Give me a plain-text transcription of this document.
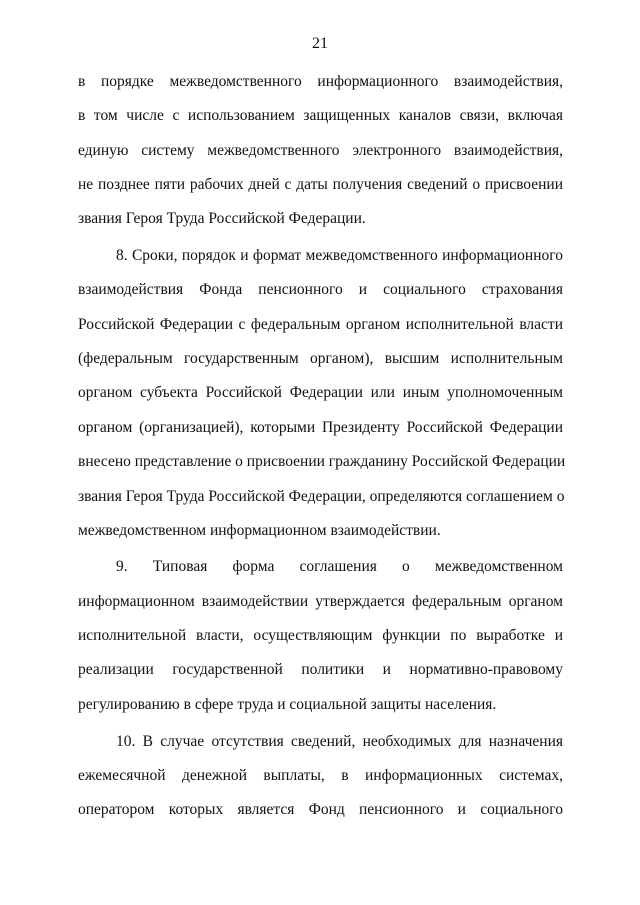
21
в порядке межведомственного информационного взаимодействия,
в том числе с использованием защищенных каналов связи, включая
единую систему межведомственного электронного взаимодействия,
не позднее пяти рабочих дней с даты получения сведений о присвоении
звания Героя Труда Российской Федерации.
8. Сроки, порядок и формат межведомственного информационного
взаимодействия Фонда пенсионного и социального страхования
Российской Федерации с федеральным органом исполнительной власти
(федеральным государственным органом), высшим исполнительным
органом субъекта Российской Федерации или иным уполномоченным
органом (организацией), которыми Президенту Российской Федерации
внесено представление о присвоении гражданину Российской Федерации
звания Героя Труда Российской Федерации, определяются соглашением о
межведомственном информационном взаимодействии.
9. Типовая форма соглашения о межведомственном
информационном взаимодействии утверждается федеральным органом
исполнительной власти, осуществляющим функции по выработке и
реализации государственной политики и нормативно-правовому
регулированию в сфере труда и социальной защиты населения.
10. В случае отсутствия сведений, необходимых для назначения
ежемесячной денежной выплаты, в информационных системах,
оператором которых является Фонд пенсионного и социального
